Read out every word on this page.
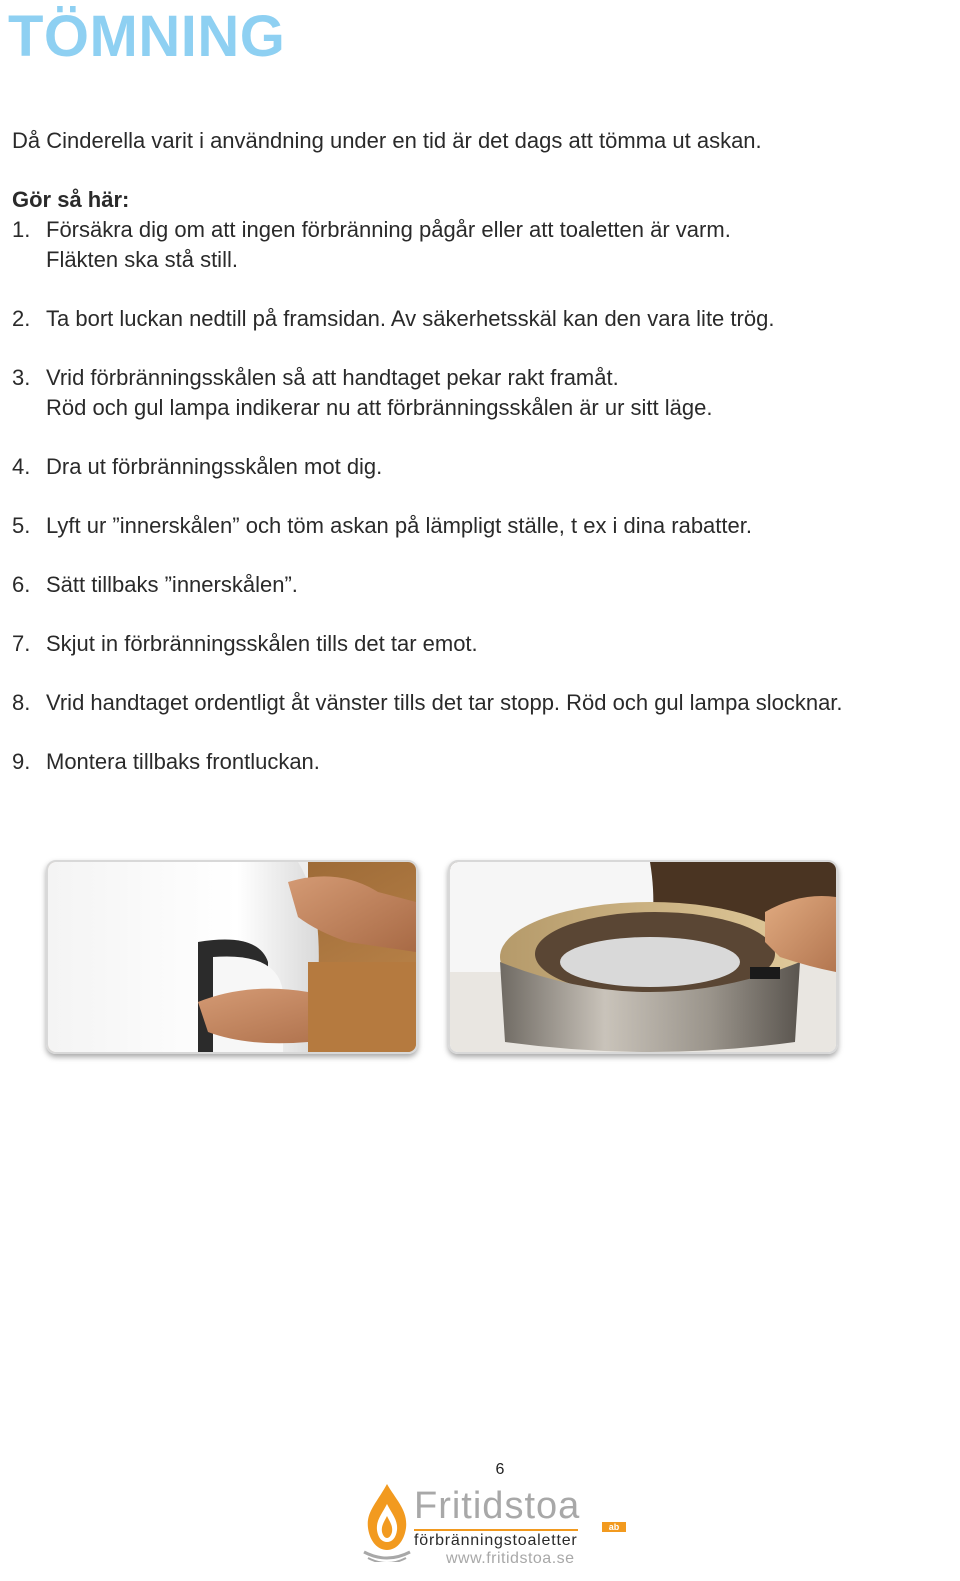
TÖMNING

Då Cinderella varit i användning under en tid är det dags att tömma ut askan.

Gör så här:

1. Försäkra dig om att ingen förbränning pågår eller att toaletten är varm.
Fläkten ska stå still.
2. Ta bort luckan nedtill på framsidan. Av säkerhetsskäl kan den vara lite trög.
3. Vrid förbränningsskålen så att handtaget pekar rakt framåt.
Röd och gul lampa indikerar nu att förbränningsskålen är ur sitt läge.
4. Dra ut förbränningsskålen mot dig.
5. Lyft ur ”innerskålen” och töm askan på lämpligt ställe, t ex i dina rabatter.
6. Sätt tillbaks ”innerskålen”.
7. Skjut in förbränningsskålen tills det tar emot.
8. Vrid handtaget ordentligt åt vänster tills det tar stopp. Röd och gul lampa slocknar.
9. Montera tillbaks frontluckan.

6

Fritidstoa	ab
förbränningstoaletter
www.fritidstoa.se
